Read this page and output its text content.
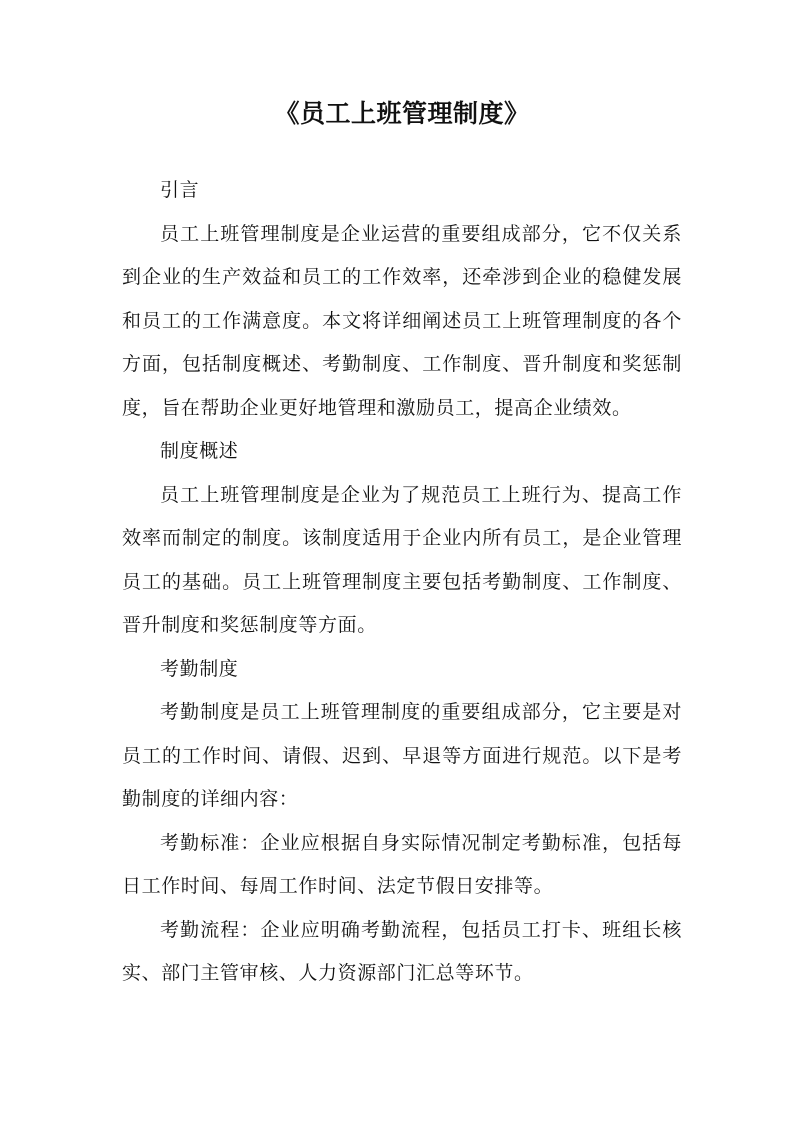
《员工上班管理制度》
引言

员工上班管理制度是企业运营的重要组成部分，它不仅关系到企业的生产效益和员工的工作效率，还牵涉到企业的稳健发展和员工的工作满意度。本文将详细阐述员工上班管理制度的各个方面，包括制度概述、考勤制度、工作制度、晋升制度和奖惩制度，旨在帮助企业更好地管理和激励员工，提高企业绩效。

制度概述

员工上班管理制度是企业为了规范员工上班行为、提高工作效率而制定的制度。该制度适用于企业内所有员工，是企业管理员工的基础。员工上班管理制度主要包括考勤制度、工作制度、晋升制度和奖惩制度等方面。

考勤制度

考勤制度是员工上班管理制度的重要组成部分，它主要是对员工的工作时间、请假、迟到、早退等方面进行规范。以下是考勤制度的详细内容：

考勤标准：企业应根据自身实际情况制定考勤标准，包括每日工作时间、每周工作时间、法定节假日安排等。

考勤流程：企业应明确考勤流程，包括员工打卡、班组长核实、部门主管审核、人力资源部门汇总等环节。
